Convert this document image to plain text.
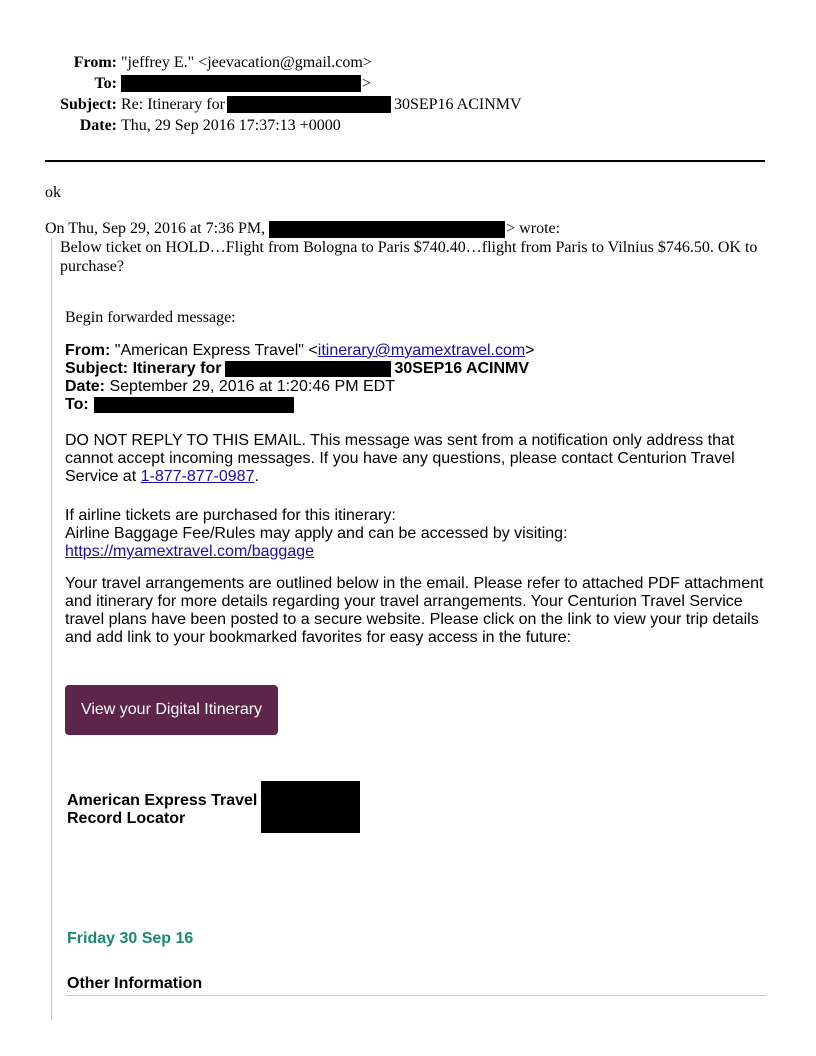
From: "jeffrey E." <jeevacation@gmail.com>
To:	>
Subject: Re: Itinerary for	30SEP16 ACINMV
Date: Thu, 29 Sep 2016 17:37:13 +0000
ok
On Thu, Sep 29, 2016 at 7:36 PM,	> wrote:
Below ticket on HOLD…Flight from Bologna to Paris $740.40…flight from Paris to Vilnius $746.50. OK to purchase?
Begin forwarded message:
From:
"American Express Travel" < itinerary@myamextravel.com >
Subject: Itinerary for	30SEP16 ACINMV
Date:
September 29, 2016 at 1:20:46 PM EDT
To:
DO NOT REPLY TO THIS EMAIL. This message was sent from a notification only address that cannot accept incoming messages. If you have any questions, please contact Centurion Travel Service at 1-877-877-0987.
If airline tickets are purchased for this itinerary:
Airline Baggage Fee/Rules may apply and can be accessed by visiting:
https://myamextravel.com/baggage
Your travel arrangements are outlined below in the email. Please refer to attached PDF attachment and itinerary for more details regarding your travel arrangements. Your Centurion Travel Service travel plans have been posted to a secure website. Please click on the link to view your trip details and add link to your bookmarked favorites for easy access in the future:
View your Digital Itinerary
American Express Travel
Record Locator
Friday 30 Sep 16
Other Information
